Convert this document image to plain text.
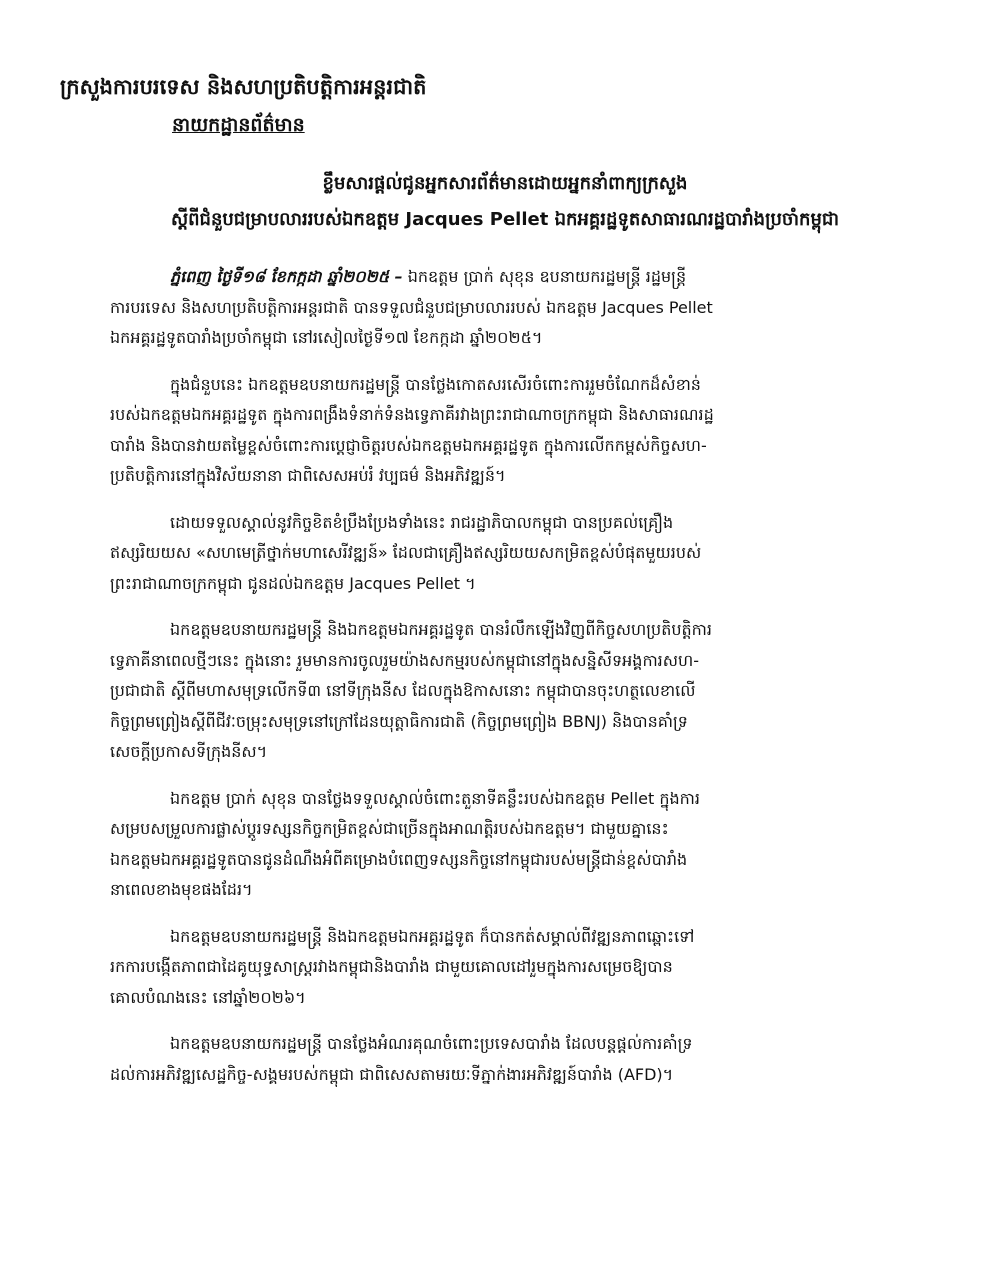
ក្រសួងការបរទេស និងសហប្រតិបត្តិការអន្តរជាតិ
នាយកដ្ឋានព័ត៌មាន
ខ្លឹមសារផ្ដល់ជូនអ្នកសារព័ត៌មានដោយអ្នកនាំពាក្យក្រសួង
ស្ដីពីជំនួបជម្រាបលាររបស់ឯកឧត្តម Jacques Pellet ឯកអគ្គរដ្ឋទូតសាធារណរដ្ឋបារាំងប្រចាំកម្ពុជា
ភ្នំពេញ ថ្ងៃទី១៨ ខែកក្កដា ឆ្នាំ២០២៥ – ឯកឧត្តម ប្រាក់ សុខុន ឧបនាយករដ្ឋមន្ត្រី រដ្ឋមន្ត្រី
ការបរទេស និងសហប្រតិបត្តិការអន្តរជាតិ បានទទួលជំនួបជម្រាបលាររបស់ ឯកឧត្តម Jacques Pellet
ឯកអគ្គរដ្ឋទូតបារាំងប្រចាំកម្ពុជា នៅរសៀលថ្ងៃទី១៧ ខែកក្កដា ឆ្នាំ២០២៥។
ក្នុងជំនួបនេះ ឯកឧត្តមឧបនាយករដ្ឋមន្ត្រី បានថ្លែងកោតសរសើរចំពោះការរួមចំណែកដ៏សំខាន់
របស់ឯកឧត្តមឯកអគ្គរដ្ឋទូត ក្នុងការពង្រឹងទំនាក់ទំនងទ្វេភាគីរវាងព្រះរាជាណាចក្រកម្ពុជា និងសាធារណរដ្ឋ
បារាំង និងបានវាយតម្លៃខ្ពស់ចំពោះការប្តេជ្ញាចិត្តរបស់ឯកឧត្តមឯកអគ្គរដ្ឋទូត ក្នុងការលើកកម្ពស់កិច្ចសហ-
ប្រតិបត្តិការនៅក្នុងវិស័យនានា ជាពិសេសអប់រំ វប្បធម៌ និងអភិវឌ្ឍន៍។
ដោយទទួលស្គាល់នូវកិច្ចខិតខំប្រឹងប្រែងទាំងនេះ រាជរដ្ឋាភិបាលកម្ពុជា បានប្រគល់គ្រឿង
ឥស្សរិយយស «សហមេត្រីថ្នាក់មហាសេរីវឌ្ឍន៍» ដែលជាគ្រឿងឥស្សរិយយសកម្រិតខ្ពស់បំផុតមួយរបស់
ព្រះរាជាណាចក្រកម្ពុជា ជូនដល់ឯកឧត្តម Jacques Pellet ។
ឯកឧត្តមឧបនាយករដ្ឋមន្ត្រី និងឯកឧត្តមឯកអគ្គរដ្ឋទូត បានរំលឹកឡើងវិញពីកិច្ចសហប្រតិបត្តិការ
ទ្វេភាគីនាពេលថ្មីៗនេះ ក្នុងនោះ រួមមានការចូលរួមយ៉ាងសកម្មរបស់កម្ពុជានៅក្នុងសន្និសីទអង្គការសហ-
ប្រជាជាតិ ស្ដីពីមហាសមុទ្រលើកទី៣ នៅទីក្រុងនីស ដែលក្នុងឱកាសនោះ កម្ពុជាបានចុះហត្ថលេខាលើ
កិច្ចព្រមព្រៀងស្ដីពីជីវៈចម្រុះសមុទ្រនៅក្រៅដែនយុត្តាធិការជាតិ (កិច្ចព្រមព្រៀង BBNJ) និងបានគាំទ្រ
សេចក្ដីប្រកាសទីក្រុងនីស។
ឯកឧត្តម ប្រាក់ សុខុន បានថ្លែងទទួលស្គាល់ចំពោះតួនាទីគន្លឹះរបស់ឯកឧត្តម Pellet ក្នុងការ
សម្របសម្រួលការផ្លាស់ប្ដូរទស្សនកិច្ចកម្រិតខ្ពស់ជាច្រើនក្នុងអាណត្តិរបស់ឯកឧត្តម។ ជាមួយគ្នានេះ
ឯកឧត្តមឯកអគ្គរដ្ឋទូតបានជូនដំណឹងអំពីគម្រោងបំពេញទស្សនកិច្ចនៅកម្ពុជារបស់មន្ត្រីជាន់ខ្ពស់បារាំង
នាពេលខាងមុខផងដែរ។
ឯកឧត្តមឧបនាយករដ្ឋមន្ត្រី និងឯកឧត្តមឯកអគ្គរដ្ឋទូត ក៏បានកត់សម្គាល់ពីវឌ្ឍនភាពឆ្ពោះទៅ
រកការបង្កើតភាពជាដៃគូយុទ្ធសាស្ត្ររវាងកម្ពុជានិងបារាំង ជាមួយគោលដៅរួមក្នុងការសម្រេចឱ្យបាន
គោលបំណងនេះ នៅឆ្នាំ២០២៦។
ឯកឧត្តមឧបនាយករដ្ឋមន្ត្រី បានថ្លែងអំណរគុណចំពោះប្រទេសបារាំង ដែលបន្តផ្ដល់ការគាំទ្រ
ដល់ការអភិវឌ្ឍសេដ្ឋកិច្ច-សង្គមរបស់កម្ពុជា ជាពិសេសតាមរយៈទីភ្នាក់ងារអភិវឌ្ឍន៍បារាំង (AFD)។
